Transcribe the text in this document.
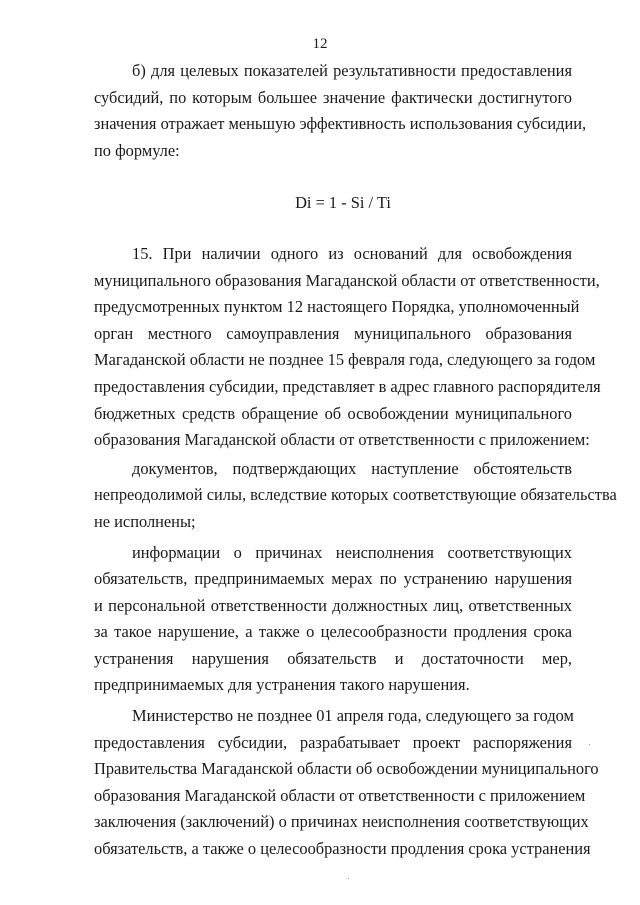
12
б) для целевых показателей результативности предоставления
субсидий, по которым большее значение фактически достигнутого
значения отражает меньшую эффективность использования субсидии,
по формуле:
Di = 1 - Si / Ti
15. При наличии одного из оснований для освобождения
муниципального образования Магаданской области от ответственности,
предусмотренных пунктом 12 настоящего Порядка, уполномоченный
орган местного самоуправления муниципального образования
Магаданской области не позднее 15 февраля года, следующего за годом
предоставления субсидии, представляет в адрес главного распорядителя
бюджетных средств обращение об освобождении муниципального
образования Магаданской области от ответственности с приложением:
документов, подтверждающих наступление обстоятельств
непреодолимой силы, вследствие которых соответствующие обязательства
не исполнены;
информации о причинах неисполнения соответствующих
обязательств, предпринимаемых мерах по устранению нарушения
и персональной ответственности должностных лиц, ответственных
за такое нарушение, а также о целесообразности продления срока
устранения нарушения обязательств и достаточности мер,
предпринимаемых для устранения такого нарушения.
Министерство не позднее 01 апреля года, следующего за годом
предоставления субсидии, разрабатывает проект распоряжения
Правительства Магаданской области об освобождении муниципального
образования Магаданской области от ответственности с приложением
заключения (заключений) о причинах неисполнения соответствующих
обязательств, а также о целесообразности продления срока устранения
